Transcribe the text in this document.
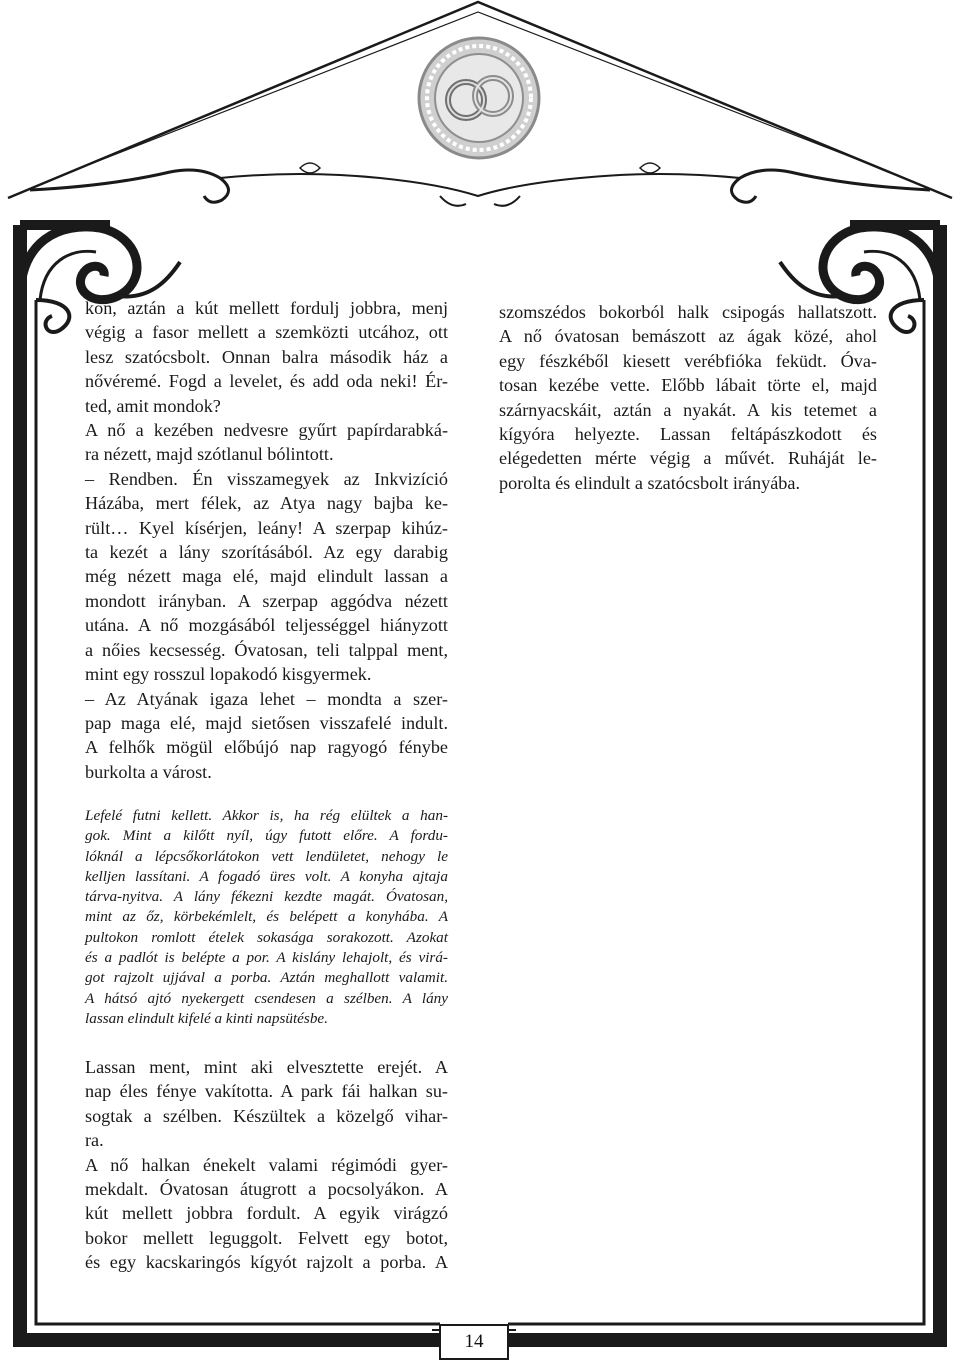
kon, aztán a kút mellett fordulj jobbra, menj

végig a fasor mellett a szemközti utcához, ott

lesz szatócsbolt. Onnan balra második ház a

nővéremé. Fogd a levelet, és add oda neki! Ér-

ted, amit mondok?

A nő a kezében nedvesre gyűrt papírdarabká-

ra nézett, majd szótlanul bólintott.

– Rendben. Én visszamegyek az Inkvizíció

Házába, mert félek, az Atya nagy bajba ke-

rült… Kyel kísérjen, leány! A szerpap kihúz-

ta kezét a lány szorításából. Az egy darabig

még nézett maga elé, majd elindult lassan a

mondott irányban. A szerpap aggódva nézett

utána. A nő mozgásából teljességgel hiányzott

a nőies kecsesség. Óvatosan, teli talppal ment,

mint egy rosszul lopakodó kisgyermek.

– Az Atyának igaza lehet – mondta a szer-

pap maga elé, majd sietősen visszafelé indult.

A felhők mögül előbújó nap ragyogó fénybe

burkolta a várost.

szomszédos bokorból halk csipogás hallatszott.

A nő óvatosan bemászott az ágak közé, ahol

egy fészkéből kiesett verébfióka feküdt. Óva-

tosan kezébe vette. Előbb lábait törte el, majd

szárnyacskáit, aztán a nyakát. A kis tetemet a

kígyóra helyezte. Lassan feltápászkodott és

elégedetten mérte végig a művét. Ruháját le-

porolta és elindult a szatócsbolt irányába.

Lefelé futni kellett. Akkor is, ha rég elültek a han-

gok. Mint a kilőtt nyíl, úgy futott előre. A fordu-

lóknál a lépcsőkorlátokon vett lendületet, nehogy le

kelljen lassítani. A fogadó üres volt. A konyha ajtaja

tárva-nyitva. A lány fékezni kezdte magát. Óvatosan,

mint az őz, körbekémlelt, és belépett a konyhába. A

pultokon romlott ételek sokasága sorakozott. Azokat

és a padlót is belépte a por. A kislány lehajolt, és virá-

got rajzolt ujjával a porba. Aztán meghallott valamit.

A hátsó ajtó nyekergett csendesen a szélben. A lány

lassan elindult kifelé a kinti napsütésbe.

Lassan ment, mint aki elvesztette erejét. A

nap éles fénye vakította. A park fái halkan su-

sogtak a szélben. Készültek a közelgő vihar-

ra.

A nő halkan énekelt valami régimódi gyer-

mekdalt. Óvatosan átugrott a pocsolyákon. A

kút mellett jobbra fordult. A egyik virágzó

bokor mellett leguggolt. Felvett egy botot,

és egy kacskaringós kígyót rajzolt a porba. A

14
